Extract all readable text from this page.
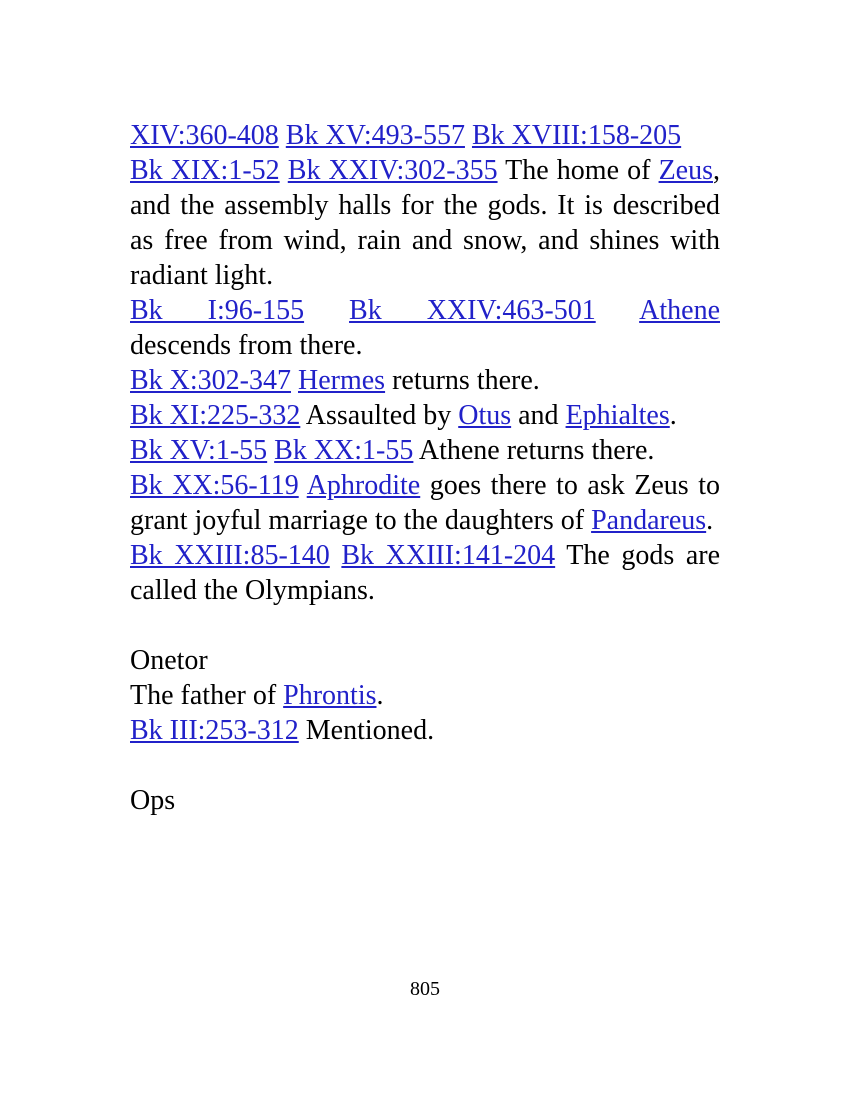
XIV:360-408 Bk XV:493-557 Bk XVIII:158-205

Bk XIX:1-52 Bk XXIV:302-355 The home of Zeus, and the assembly halls for the gods. It is described as free from wind, rain and snow, and shines with radiant light.

Bk I:96-155 Bk XXIV:463-501 Athene

descends from there.

Bk X:302-347 Hermes returns there.

Bk XI:225-332 Assaulted by Otus and Ephialtes.

Bk XV:1-55 Bk XX:1-55 Athene returns there.

Bk XX:56-119 Aphrodite goes there to ask Zeus to grant joyful marriage to the daughters of Pandareus.

Bk XXIII:85-140 Bk XXIII:141-204 The gods are called the Olympians.

Onetor

The father of Phrontis.

Bk III:253-312 Mentioned.

Ops

805
